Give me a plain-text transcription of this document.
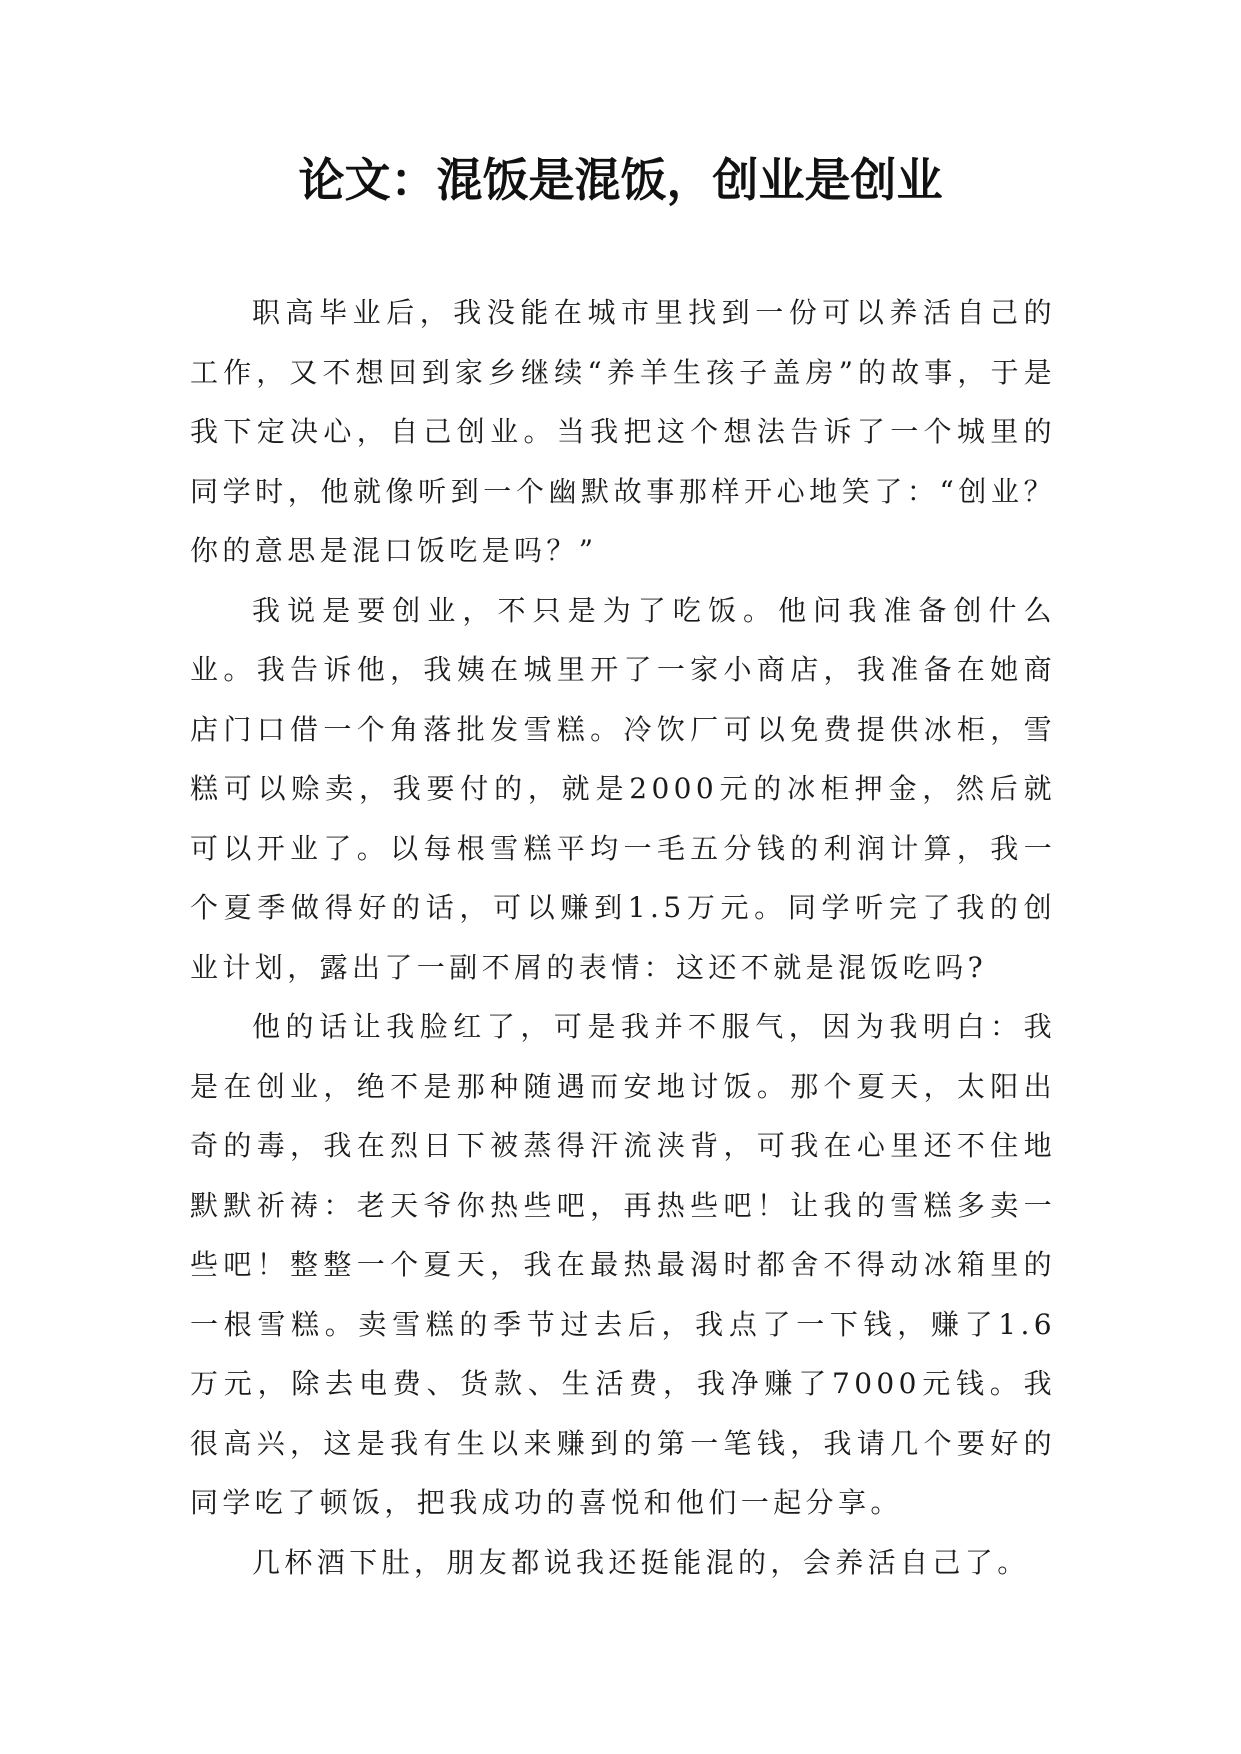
论文：混饭是混饭，创业是创业

职高毕业后，我没能在城市里找到一份可以养活自己的工作，又不想回到家乡继续“养羊生孩子盖房”的故事，于是我下定决心，自己创业。当我把这个想法告诉了一个城里的同学时，他就像听到一个幽默故事那样开心地笑了：“创业？你的意思是混口饭吃是吗？”

我说是要创业，不只是为了吃饭。他问我准备创什么业。我告诉他，我姨在城里开了一家小商店，我准备在她商店门口借一个角落批发雪糕。冷饮厂可以免费提供冰柜，雪糕可以赊卖，我要付的，就是2000元的冰柜押金，然后就可以开业了。以每根雪糕平均一毛五分钱的利润计算，我一个夏季做得好的话，可以赚到1.5万元。同学听完了我的创业计划，露出了一副不屑的表情：这还不就是混饭吃吗?

他的话让我脸红了，可是我并不服气，因为我明白：我是在创业，绝不是那种随遇而安地讨饭。那个夏天，太阳出奇的毒，我在烈日下被蒸得汗流浃背，可我在心里还不住地默默祈祷：老天爷你热些吧，再热些吧！让我的雪糕多卖一些吧！整整一个夏天，我在最热最渴时都舍不得动冰箱里的一根雪糕。卖雪糕的季节过去后，我点了一下钱，赚了1.6万元，除去电费、货款、生活费，我净赚了7000元钱。我很高兴，这是我有生以来赚到的第一笔钱，我请几个要好的同学吃了顿饭，把我成功的喜悦和他们一起分享。

几杯酒下肚，朋友都说我还挺能混的，会养活自己了。
